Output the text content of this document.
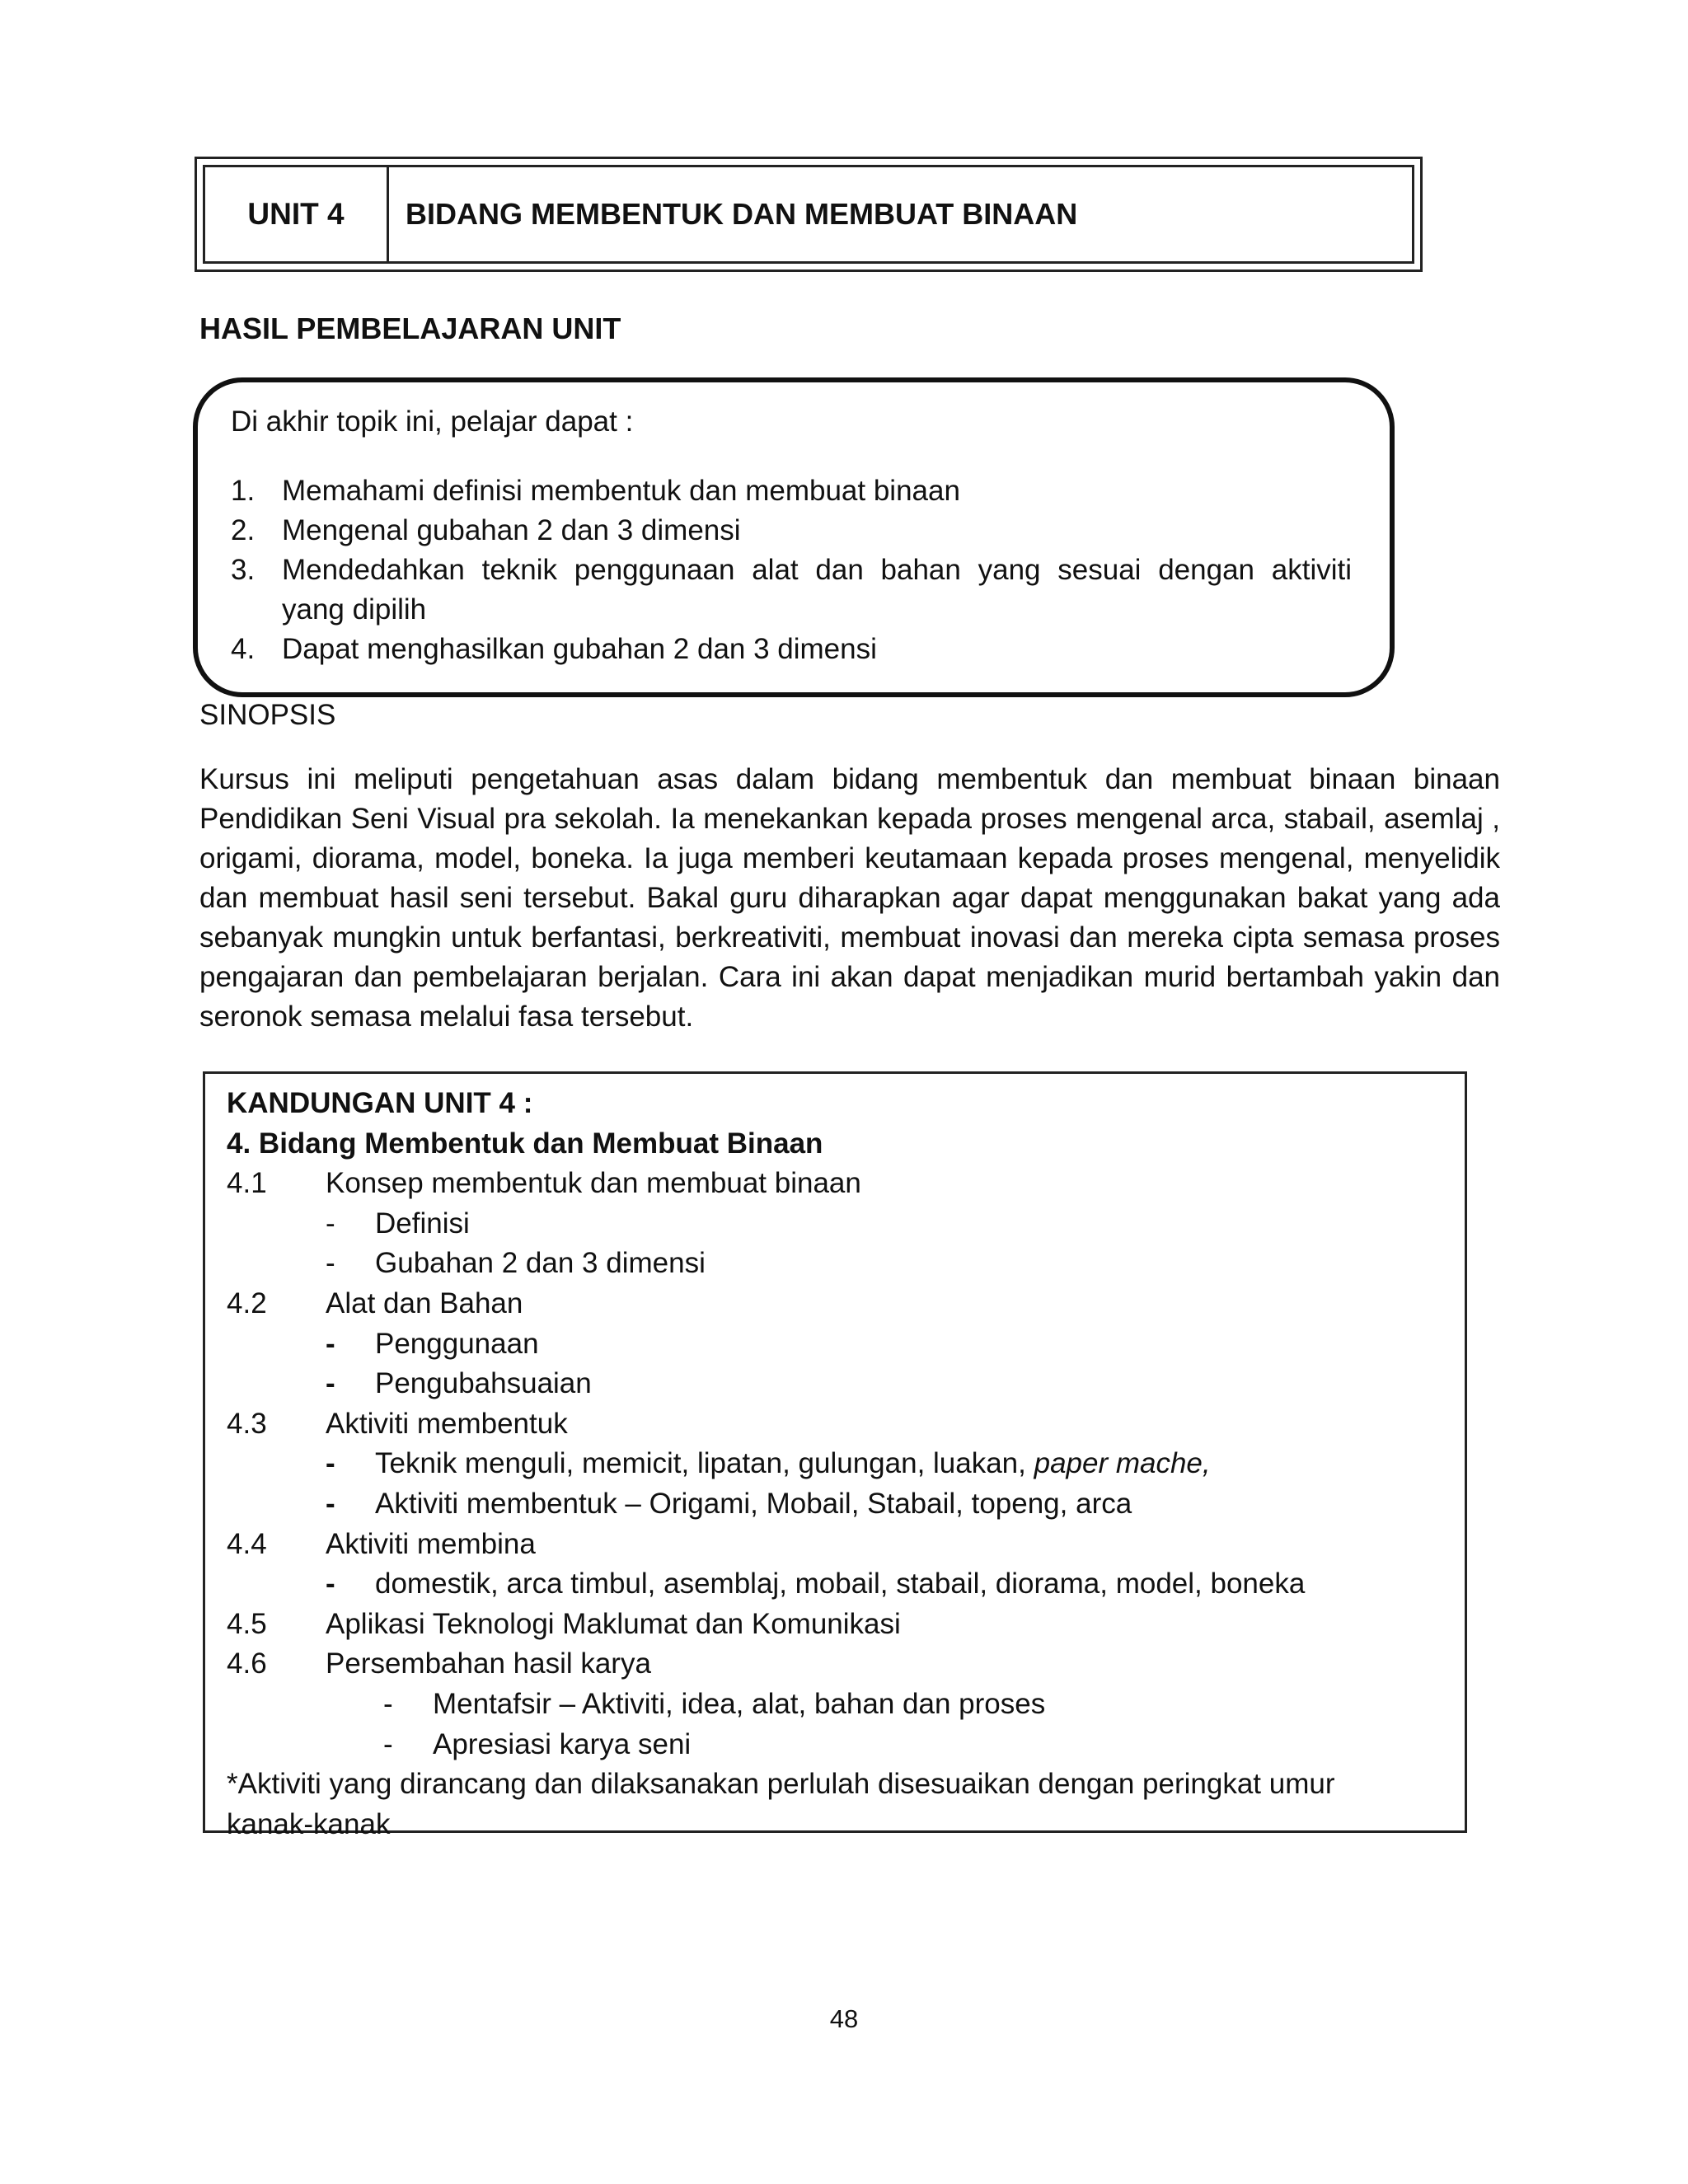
UNIT 4	BIDANG MEMBENTUK DAN MEMBUAT BINAAN
HASIL PEMBELAJARAN UNIT
Di akhir topik ini, pelajar dapat :
1. Memahami definisi membentuk dan membuat binaan
2. Mengenal gubahan 2 dan 3 dimensi
3. Mendedahkan teknik penggunaan alat dan bahan yang sesuai dengan aktiviti
yang dipilih
4. Dapat menghasilkan gubahan 2 dan 3 dimensi
SINOPSIS

Kursus ini meliputi pengetahuan asas dalam bidang membentuk dan membuat binaan binaan Pendidikan Seni Visual pra sekolah. Ia menekankan kepada proses mengenal arca, stabail, asemlaj , origami, diorama, model, boneka. Ia juga memberi keutamaan kepada proses mengenal, menyelidik dan membuat hasil seni tersebut. Bakal guru diharapkan agar dapat menggunakan bakat yang ada sebanyak mungkin untuk berfantasi, berkreativiti, membuat inovasi dan mereka cipta semasa proses pengajaran dan pembelajaran berjalan. Cara ini akan dapat menjadikan murid bertambah yakin dan seronok semasa melalui fasa tersebut.

KANDUNGAN UNIT 4 :
4. Bidang Membentuk dan Membuat Binaan
4.1	Konsep membentuk dan membuat binaan
-	Definisi
-	Gubahan 2 dan 3 dimensi
4.2	Alat dan Bahan
-	Penggunaan
-	Pengubahsuaian
4.3	Aktiviti membentuk
-	Teknik menguli, memicit, lipatan, gulungan, luakan, paper mache,
-	Aktiviti membentuk – Origami, Mobail, Stabail, topeng, arca
4.4	Aktiviti membina
-	domestik, arca timbul, asemblaj, mobail, stabail, diorama, model, boneka
4.5	Aplikasi Teknologi Maklumat dan Komunikasi
4.6	Persembahan hasil karya
-	Mentafsir – Aktiviti, idea, alat, bahan dan proses
-	Apresiasi karya seni
*Aktiviti yang dirancang dan dilaksanakan perlulah disesuaikan dengan peringkat umur kanak-kanak
48
